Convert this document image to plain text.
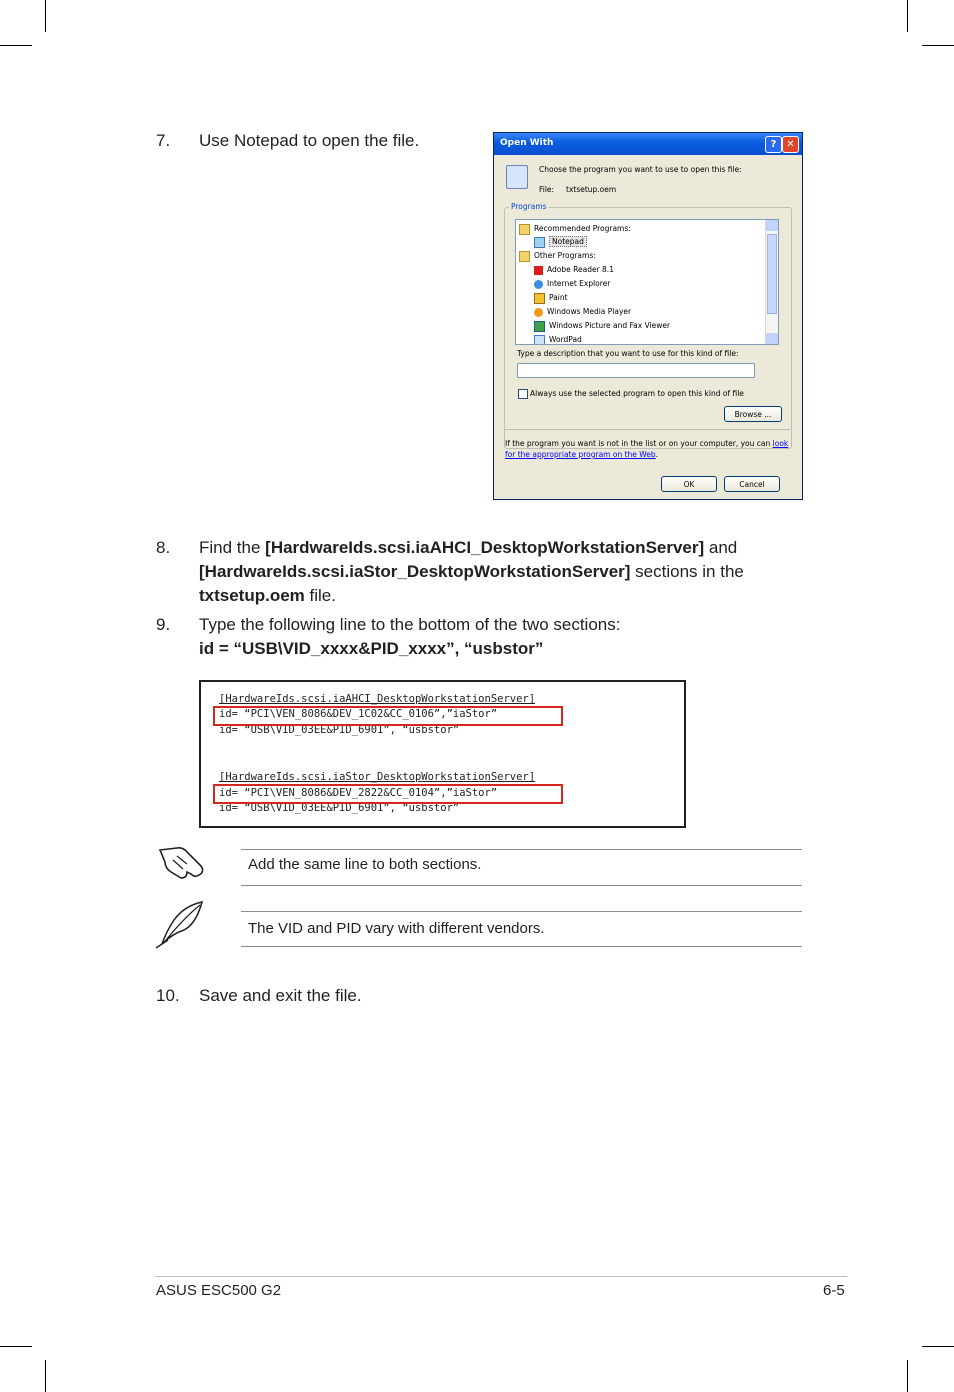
7. Use Notepad to open the file.	Open With	? ✕
Choose the program you want to use to open this file:
File: txtsetup.oem
Programs
Recommended Programs:
Notepad
Other Programs:
Adobe Reader 8.1
Internet Explorer
Paint
Windows Media Player
Windows Picture and Fax Viewer
WordPad
Type a description that you want to use for this kind of file:
Always use the selected program to open this kind of file
Browse ...
If the program you want is not in the list or on your computer, you can look for the appropriate program on the Web.
OK	Cancel
8. Find the [HardwareIds.scsi.iaAHCI_DesktopWorkstationServer] and
[HardwareIds.scsi.iaStor_DesktopWorkstationServer] sections in the
txtsetup.oem file.
9. Type the following line to the bottom of the two sections:
id = “USB\VID_xxxx&PID_xxxx”, “usbstor”
[HardwareIds.scsi.iaAHCI_DesktopWorkstationServer]
id= “PCI\VEN_8086&DEV_1C02&CC_0106”,”iaStor”
id= “USB\VID_03EE&PID_6901”, “usbstor”
[HardwareIds.scsi.iaStor_DesktopWorkstationServer]
id= “PCI\VEN_8086&DEV_2822&CC_0104”,”iaStor”
id= “USB\VID_03EE&PID_6901”, “usbstor”
Add the same line to both sections.
The VID and PID vary with different vendors.
10. Save and exit the file.
ASUS ESC500 G2	6-5
